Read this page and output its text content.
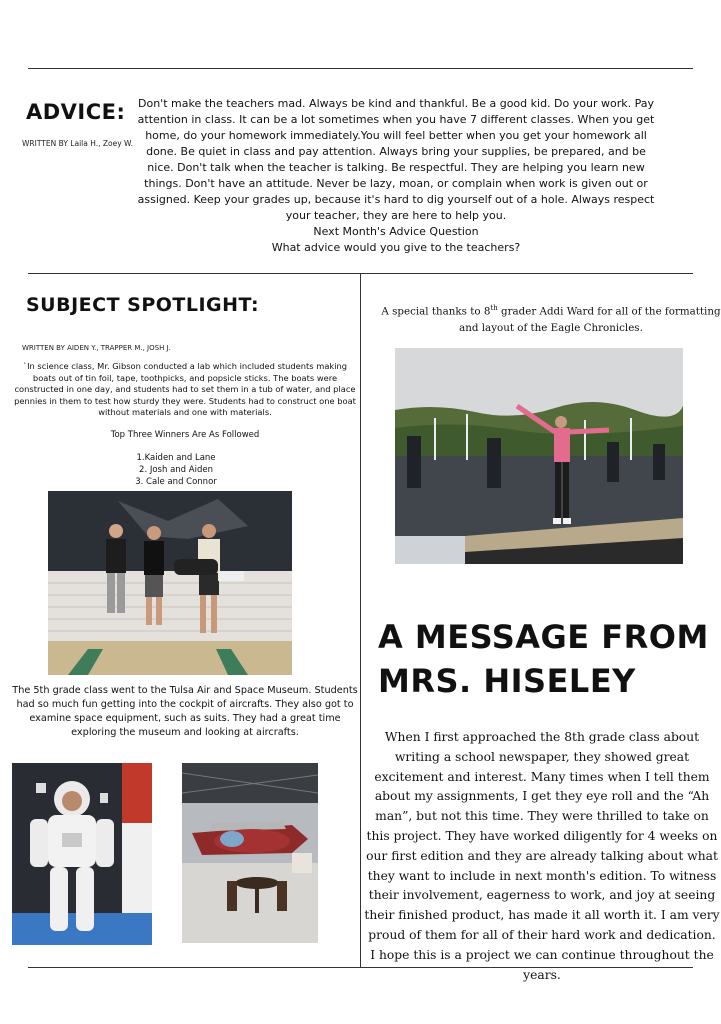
ADVICE:
WRITTEN BY Laila H., Zoey W.
Don't make the teachers mad. Always be kind and thankful. Be a good kid. Do your work. Pay attention in class. It can be a lot sometimes when you have 7 different classes. When you get home, do your homework immediately.You will feel better when you get your homework all done. Be quiet in class and pay attention. Always bring your supplies, be prepared, and be nice. Don't talk when the teacher is talking. Be respectful. They are helping you learn new things. Don't have an attitude. Never be lazy, moan, or complain when work is given out or assigned. Keep your grades up, because it's hard to dig yourself out of a hole. Always respect your teacher, they are here to help you.
Next Month's Advice Question
What advice would you give to the teachers?
SUBJECT SPOTLIGHT:
WRITTEN BY AIDEN Y., TRAPPER M., JOSH J.
`In science class, Mr. Gibson conducted a lab which included students making boats out of tin foil, tape, toothpicks, and popsicle sticks. The boats were constructed in one day, and students had to set them in a tub of water, and place pennies in them to test how sturdy they were. Students had to construct one boat without materials and one with materials.
Top Three Winners Are As Followed
1.Kaiden and Lane
2. Josh and Aiden
3. Cale and Connor
The 5th grade class went to the Tulsa Air and Space Museum. Students had so much fun getting into the cockpit of aircrafts. They also got to examine space equipment, such as suits. They had a great time exploring the museum and looking at aircrafts.
A special thanks to 8th grader Addi Ward for all of the formatting and layout of the Eagle Chronicles.
A MESSAGE FROM
MRS. HISELEY
When I first approached the 8th grade class about writing a school newspaper, they showed great excitement and interest. Many times when I tell them about my assignments, I get they eye roll and the “Ah man”, but not this time. They were thrilled to take on this project. They have worked diligently for 4 weeks on our first edition and they are already talking about what they want to include in next month's edition. To witness their involvement, eagerness to work, and joy at seeing their finished product, has made it all worth it. I am very proud of them for all of their hard work and dedication. I hope this is a project we can continue throughout the years.
